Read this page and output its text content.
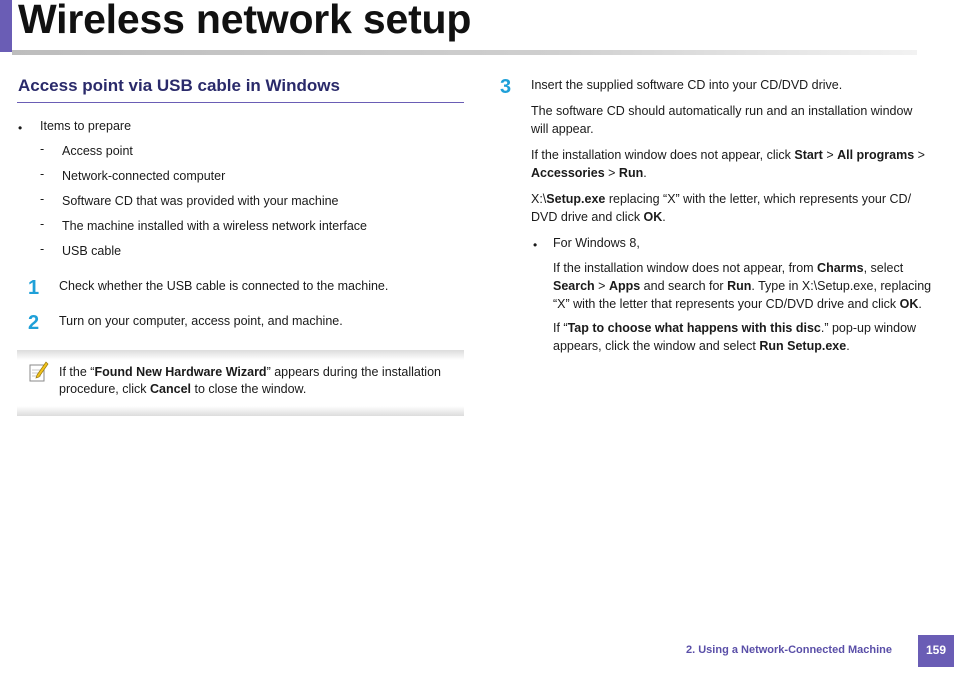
Wireless network setup
Access point via USB cable in Windows
• Items to prepare
- Access point
- Network-connected computer
- Software CD that was provided with your machine
- The machine installed with a wireless network interface
- USB cable
1 Check whether the USB cable is connected to the machine.
2 Turn on your computer, access point, and machine.
If the “Found New Hardware Wizard” appears during the installation
procedure, click Cancel to close the window.
3 Insert the supplied software CD into your CD/DVD drive.
The software CD should automatically run and an installation window
will appear.
If the installation window does not appear, click Start > All programs >
Accessories > Run.
X:\Setup.exe replacing “X” with the letter, which represents your CD/
DVD drive and click OK.
• For Windows 8,
If the installation window does not appear, from Charms, select
Search > Apps and search for Run. Type in X:\Setup.exe, replacing
“X” with the letter that represents your CD/DVD drive and click OK.
If “Tap to choose what happens with this disc.” pop-up window
appears, click the window and select Run Setup.exe.
2. Using a Network-Connected Machine	159
